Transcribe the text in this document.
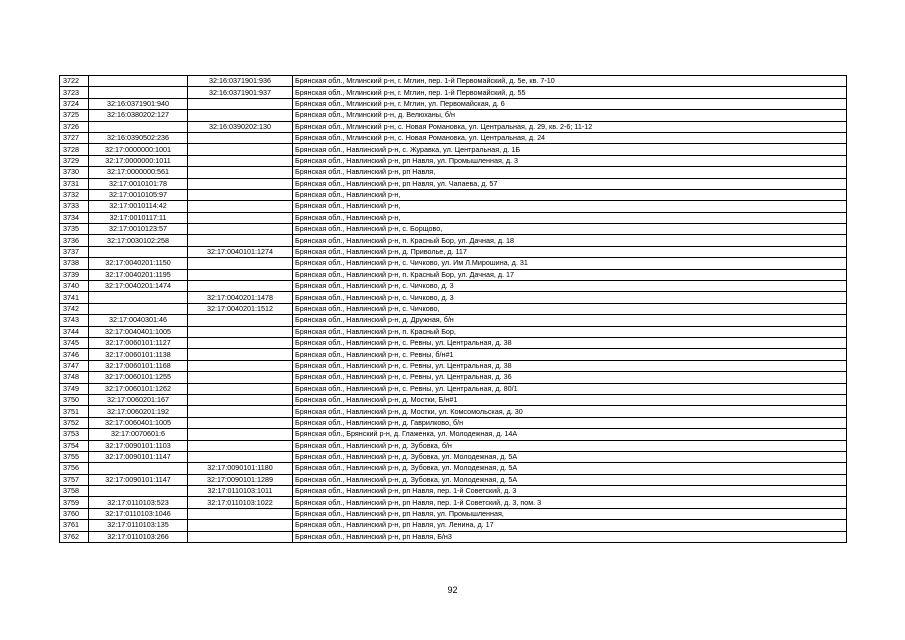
3722		32:16:0371901:936	Брянская обл., Мглинский р-н, г. Мглин, пер. 1-й Первомайский, д. 5е, кв. 7-10
3723		32:16:0371901:937	Брянская обл., Мглинский р-н, г. Мглин, пер. 1-й Первомайский, д. 55
3724	32:16:0371901:940		Брянская обл., Мглинский р-н, г. Мглин, ул. Первомайская, д. 6
3725	32:16:0380202:127		Брянская обл., Мглинский р-н, д. Велюханы, б/н
3726		32:16:0390202:130	Брянская обл., Мглинский р-н, с. Новая Романовка, ул. Центральная, д. 29, кв. 2-6; 11-12
3727	32:16:0390502:236		Брянская обл., Мглинский р-н, с. Новая Романовка, ул. Центральная, д. 24
3728	32:17:0000000:1001		Брянская обл., Навлинский р-н, с. Журавка, ул. Центральная, д. 1Б
3729	32:17:0000000:1011		Брянская обл., Навлинский р-н, рп Навля, ул. Промышленная, д. 3
3730	32:17:0000000:561		Брянская обл., Навлинский р-н, рп Навля,
3731	32:17:0010101:78		Брянская обл., Навлинский р-н, рп Навля, ул. Чапаева, д. 57
3732	32:17:0010105:97		Брянская обл., Навлинский р-н,
3733	32:17:0010114:42		Брянская обл., Навлинский р-н,
3734	32:17:0010117:11		Брянская обл., Навлинский р-н,
3735	32:17:0010123:57		Брянская обл., Навлинский р-н, с. Борщово,
3736	32:17:0030102:258		Брянская обл., Навлинский р-н, п. Красный Бор, ул. Дачная, д. 18
3737		32:17:0040101:1274	Брянская обл., Навлинский р-н, д. Привольe, д. 117
3738	32:17:0040201:1150		Брянская обл., Навлинский р-н, с. Чичково, ул. Им Л.Мирошина, д. 31
3739	32:17:0040201:1195		Брянская обл., Навлинский р-н, п. Красный Бор, ул. Дачная, д. 17
3740	32:17:0040201:1474		Брянская обл., Навлинский р-н, с. Чичково, д. 3
3741		32:17:0040201:1478	Брянская обл., Навлинский р-н, с. Чичково, д. 3
3742		32:17:0040201:1512	Брянская обл., Навлинский р-н, с. Чичково,
3743	32:17:0040301:46		Брянская обл., Навлинский р-н, д. Дружная, б/н
3744	32:17:0040401:1005		Брянская обл., Навлинский р-н, п. Красный Бор,
3745	32:17:0060101:1127		Брянская обл., Навлинский р-н, с. Ревны, ул. Центральная, д. 38
3746	32:17:0060101:1138		Брянская обл., Навлинский р-н, с. Ревны, б/н#1
3747	32:17:0060101:1168		Брянская обл., Навлинский р-н, с. Ревны, ул. Центральная, д. 38
3748	32:17:0060101:1255		Брянская обл., Навлинский р-н, с. Ревны, ул. Центральная, д. 36
3749	32:17:0060101:1262		Брянская обл., Навлинский р-н, с. Ревны, ул. Центральная, д. 80/1
3750	32:17:0060201:167		Брянская обл., Навлинский р-н, д. Мостки, Б/н#1
3751	32:17:0060201:192		Брянская обл., Навлинский р-н, д. Мостки, ул. Комсомольская, д. 30
3752	32:17:0060401:1005		Брянская обл., Навлинский р-н, д. Гаврилково, б/н
3753	32:17:0070601:6		Брянская обл., Брянский р-н, д. Глаженка, ул. Молодежная, д. 14А
3754	32:17:0090101:1103		Брянская обл., Навлинский р-н, д. Зубовка, б/н
3755	32:17:0090101:1147		Брянская обл., Навлинский р-н, д. Зубовка, ул. Молодежная, д. 5А
3756		32:17:0090101:1180	Брянская обл., Навлинский р-н, д. Зубовка, ул. Молодежная, д. 5А
3757	32:17:0090101:1147	32:17:0090101:1289	Брянская обл., Навлинский р-н, д. Зубовка, ул. Молодежная, д. 5А
3758		32:17:0110103:1011	Брянская обл., Навлинский р-н, рп Навля, пер. 1-й Советский, д. 3
3759	32:17:0110103:523	32:17:0110103:1022	Брянская обл., Навлинский р-н, рп Навля, пер. 1-й Советский, д. 3, пом. 3
3760	32:17:0110103:1046		Брянская обл., Навлинский р-н, рп Навля, ул. Промышленная,
3761	32:17:0110103:135		Брянская обл., Навлинский р-н, рп Навля, ул. Ленина, д. 17
3762	32:17:0110103:266		Брянская обл., Навлинский р-н, рп Навля, Б/н3
92
